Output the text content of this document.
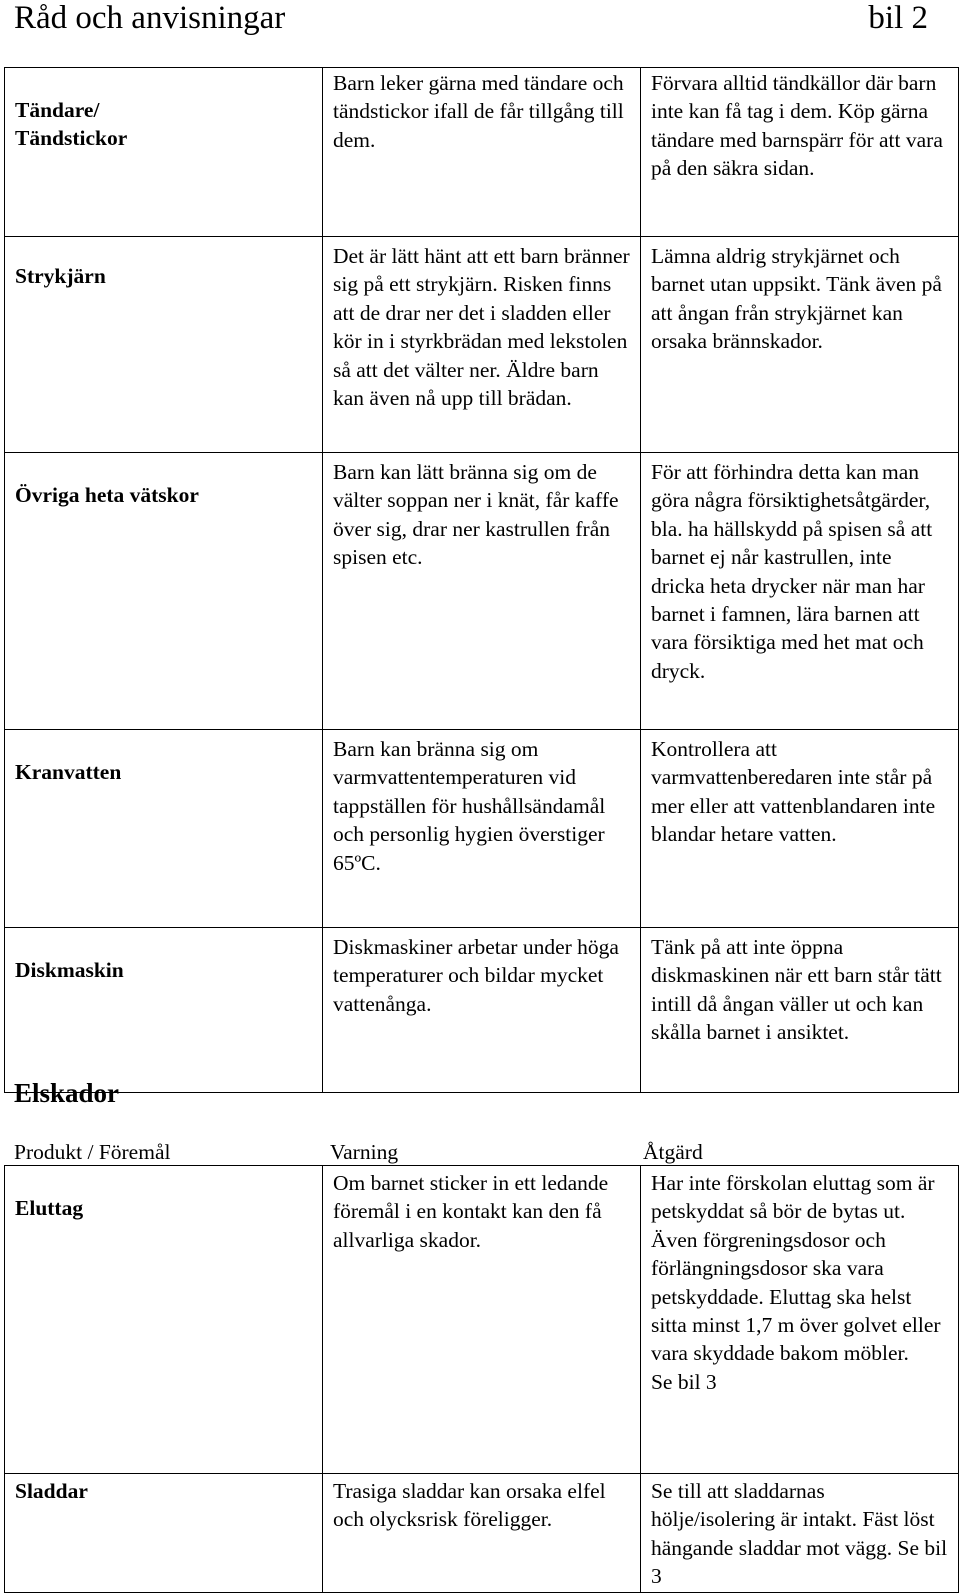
Råd och anvisningar	bil 2
Tändare/
Tändstickor	Barn leker gärna med tändare och tändstickor ifall de får tillgång till dem.	Förvara alltid tändkällor där barn inte kan få tag i dem. Köp gärna tändare med barnspärr för att vara på den säkra sidan.
Strykjärn	Det är lätt hänt att ett barn bränner sig på ett strykjärn. Risken finns att de drar ner det i sladden eller kör in i styrkbrädan med lekstolen så att det välter ner. Äldre barn kan även nå upp till brädan.	Lämna aldrig strykjärnet och barnet utan uppsikt. Tänk även på att ångan från strykjärnet kan orsaka brännskador.
Övriga heta vätskor	Barn kan lätt bränna sig om de välter soppan ner i knät, får kaffe över sig, drar ner kastrullen från spisen etc.	För att förhindra detta kan man göra några försiktighetsåtgärder, bla. ha hällskydd på spisen så att barnet ej når kastrullen, inte dricka heta drycker när man har barnet i famnen, lära barnen att vara försiktiga med het mat och dryck.
Kranvatten	Barn kan bränna sig om varmvattentemperaturen vid tappställen för hushållsändamål och personlig hygien överstiger 65ºC.	Kontrollera att varmvattenberedaren inte står på mer eller att vattenblandaren inte blandar hetare vatten.
Diskmaskin	Diskmaskiner arbetar under höga temperaturer och bildar mycket vattenånga.	Tänk på att inte öppna diskmaskinen när ett barn står tätt intill då ångan väller ut och kan skålla barnet i ansiktet.
Elskador
Produkt / Föremål	Varning	Åtgärd
Eluttag	Om barnet sticker in ett ledande föremål i en kontakt kan den få allvarliga skador.	Har inte förskolan eluttag som är petskyddat så bör de bytas ut. Även förgreningsdosor och förlängningsdosor ska vara petskyddade. Eluttag ska helst sitta minst 1,7 m över golvet eller vara skyddade bakom möbler.
Se bil 3
Sladdar	Trasiga sladdar kan orsaka elfel och olycksrisk föreligger.	Se till att sladdarnas hölje/isolering är intakt. Fäst löst hängande sladdar mot vägg. Se bil 3
